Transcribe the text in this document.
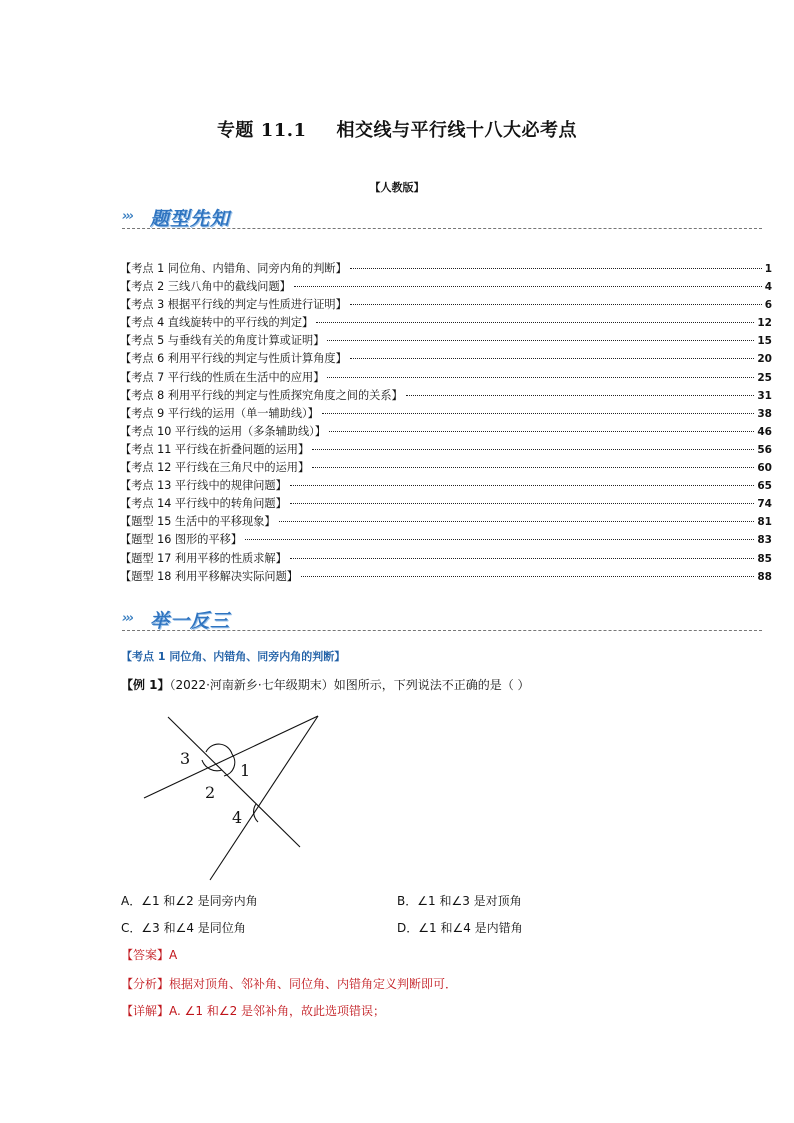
专题 11.1 相交线与平行线十八大必考点
【人教版】
››› 题型先知
【考点 1 同位角、内错角、同旁内角的判断】	1
【考点 2 三线八角中的截线问题】	4
【考点 3 根据平行线的判定与性质进行证明】	6
【考点 4 直线旋转中的平行线的判定】	12
【考点 5 与垂线有关的角度计算或证明】	15
【考点 6 利用平行线的判定与性质计算角度】	20
【考点 7 平行线的性质在生活中的应用】	25
【考点 8 利用平行线的判定与性质探究角度之间的关系】	31
【考点 9 平行线的运用（单一辅助线）】	38
【考点 10 平行线的运用（多条辅助线）】	46
【考点 11 平行线在折叠问题的运用】	56
【考点 12 平行线在三角尺中的运用】	60
【考点 13 平行线中的规律问题】	65
【考点 14 平行线中的转角问题】	74
【题型 15 生活中的平移现象】	81
【题型 16 图形的平移】	83
【题型 17 利用平移的性质求解】	85
【题型 18 利用平移解决实际问题】	88
››› 举一反三
【考点 1 同位角、内错角、同旁内角的判断】
【例 1】（2022·河南新乡·七年级期末）如图所示，下列说法不正确的是（ ）
3
1
2
4
A．∠1 和∠2 是同旁内角	B．∠1 和∠3 是对顶角
C．∠3 和∠4 是同位角	D．∠1 和∠4 是内错角
【答案】A
【分析】根据对顶角、邻补角、同位角、内错角定义判断即可．
【详解】A. ∠1 和∠2 是邻补角，故此选项错误；
